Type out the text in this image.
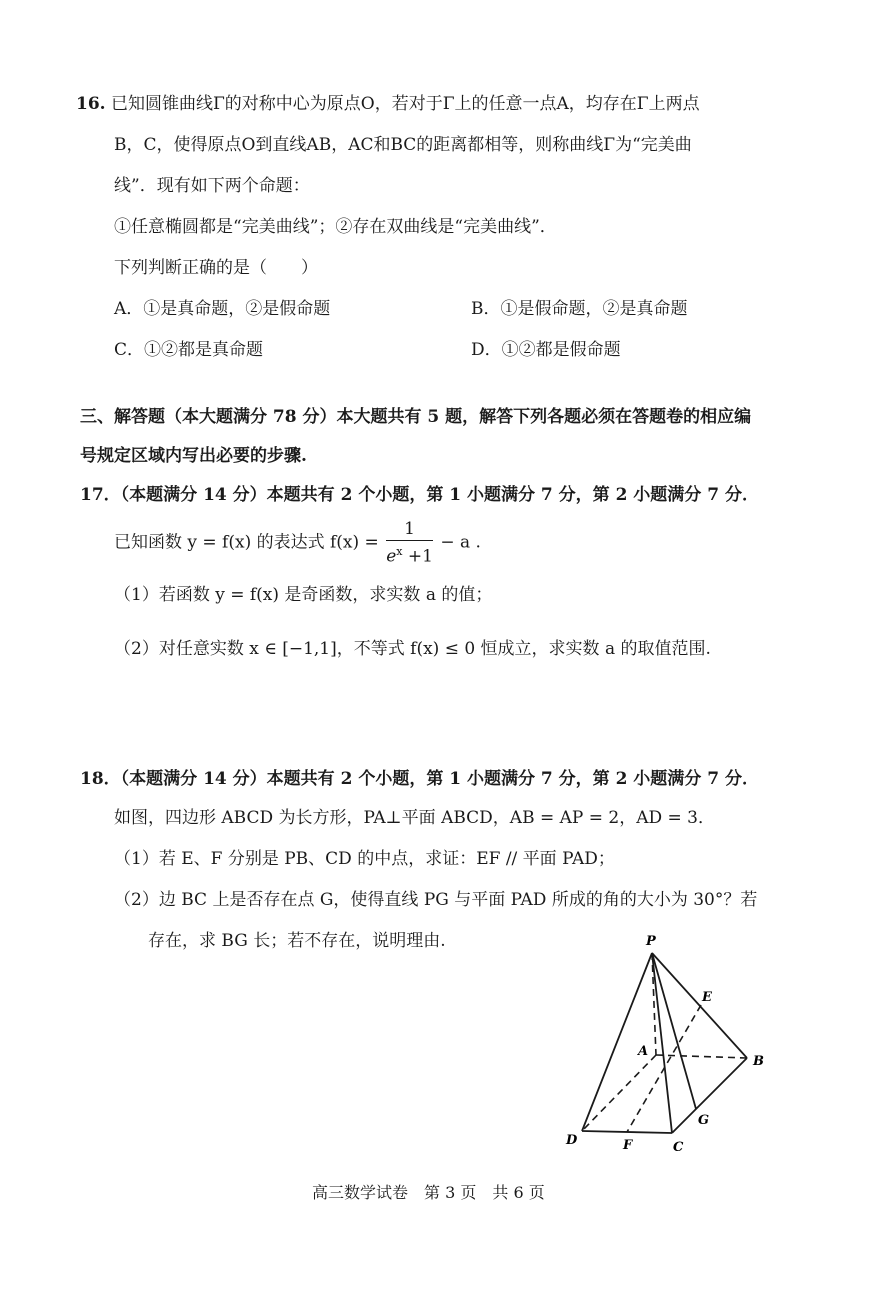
16. 已知圆锥曲线Γ的对称中心为原点O，若对于Γ上的任意一点A，均存在Γ上两点
B，C，使得原点O到直线AB，AC和BC的距离都相等，则称曲线Γ为“完美曲
线”．现有如下两个命题：
①任意椭圆都是“完美曲线”；②存在双曲线是“完美曲线”．
下列判断正确的是（　　）
A．①是真命题，②是假命题	B．①是假命题，②是真命题
C．①②都是真命题	D．①②都是假命题
三、解答题（本大题满分 78 分）本大题共有 5 题，解答下列各题必须在答题卷的相应编
号规定区域内写出必要的步骤.
17．（本题满分 14 分）本题共有 2 个小题，第 1 小题满分 7 分，第 2 小题满分 7 分．
已知函数 y = f(x) 的表达式 $f(x) = \frac{1}{e^x +1} - a$ .
（1）若函数 y = f(x) 是奇函数，求实数 a 的值；
（2）对任意实数 x ∈ [−1,1]，不等式 f(x) ≤ 0 恒成立，求实数 a 的取值范围.
18．（本题满分 14 分）本题共有 2 个小题，第 1 小题满分 7 分，第 2 小题满分 7 分．
如图，四边形 ABCD 为长方形，PA⊥平面 ABCD，AB = AP = 2，AD = 3．
（1）若 E、F 分别是 PB、CD 的中点，求证：EF // 平面 PAD；
（2）边 BC 上是否存在点 G，使得直线 PG 与平面 PAD 所成的角的大小为 30°？若
存在，求 BG 长；若不存在，说明理由.	P
E
A
B
G
D	F	C
高三数学试卷　第 3 页　共 6 页
